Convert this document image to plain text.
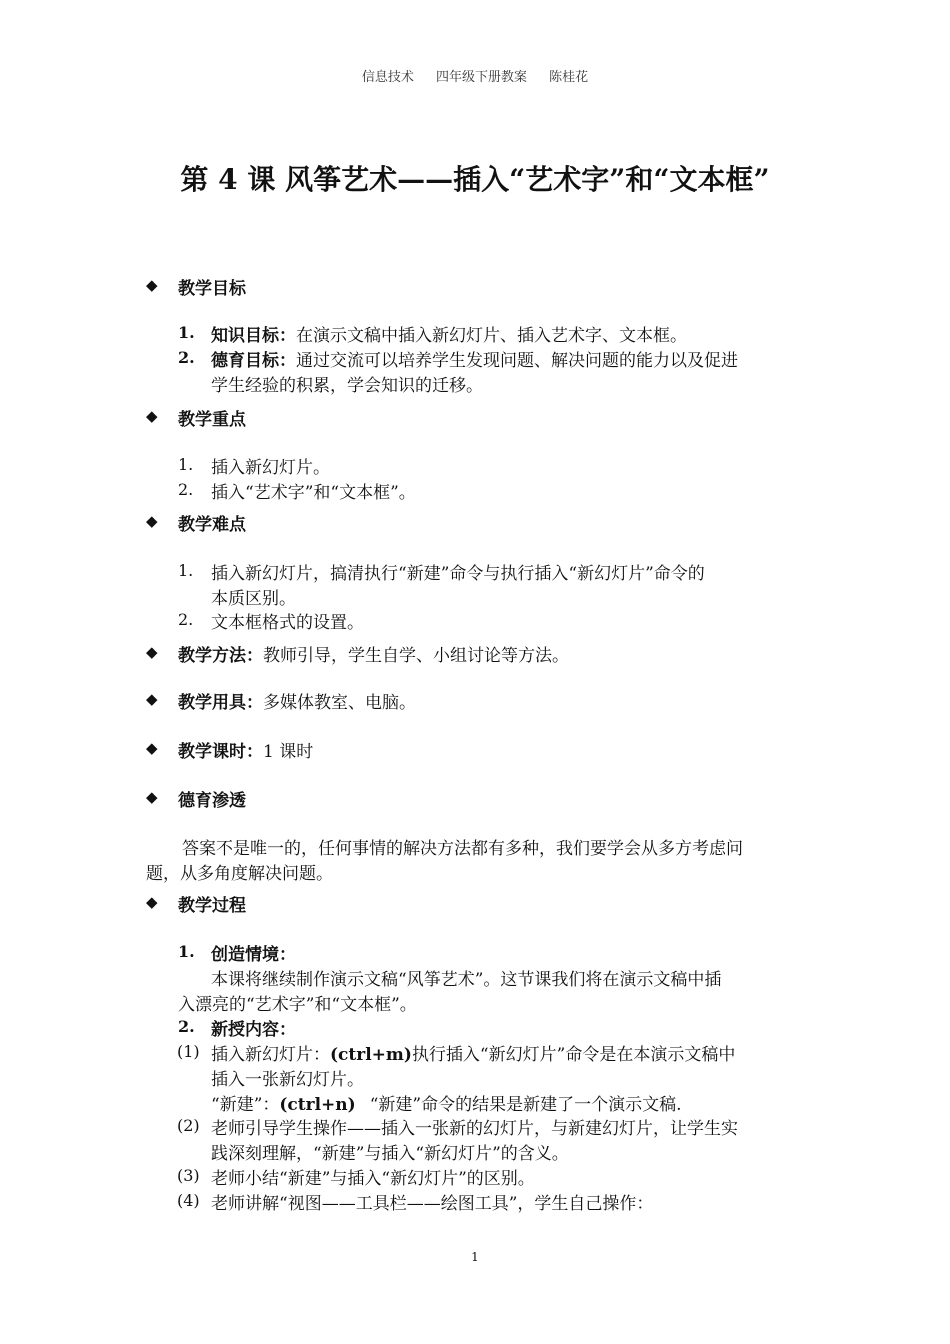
信息技术 四年级下册教案 陈桂花
第 4 课 风筝艺术——插入“艺术字”和“文本框”
◆ 教学目标
1. 知识目标：在演示文稿中插入新幻灯片、插入艺术字、文本框。
2. 德育目标：通过交流可以培养学生发现问题、解决问题的能力以及促进
学生经验的积累，学会知识的迁移。
◆ 教学重点
1. 插入新幻灯片。
2. 插入“艺术字”和“文本框”。
◆ 教学难点
1. 插入新幻灯片，搞清执行“新建”命令与执行插入“新幻灯片”命令的
本质区别。
2. 文本框格式的设置。
◆ 教学方法：教师引导，学生自学、小组讨论等方法。
◆ 教学用具：多媒体教室、电脑。
◆ 教学课时：1 课时
◆ 德育渗透
答案不是唯一的，任何事情的解决方法都有多种，我们要学会从多方考虑问
题，从多角度解决问题。
◆ 教学过程
1. 创造情境：
本课将继续制作演示文稿“风筝艺术”。这节课我们将在演示文稿中插
入漂亮的“艺术字”和“文本框”。
2. 新授内容：
(1) 插入新幻灯片：(ctrl+m)执行插入“新幻灯片”命令是在本演示文稿中
插入一张新幻灯片。
“新建”：(ctrl+n) “新建”命令的结果是新建了一个演示文稿.
(2) 老师引导学生操作——插入一张新的幻灯片，与新建幻灯片，让学生实
践深刻理解，“新建”与插入“新幻灯片”的含义。
(3) 老师小结“新建”与插入“新幻灯片”的区别。
(4) 老师讲解“视图——工具栏——绘图工具”，学生自己操作：
1
